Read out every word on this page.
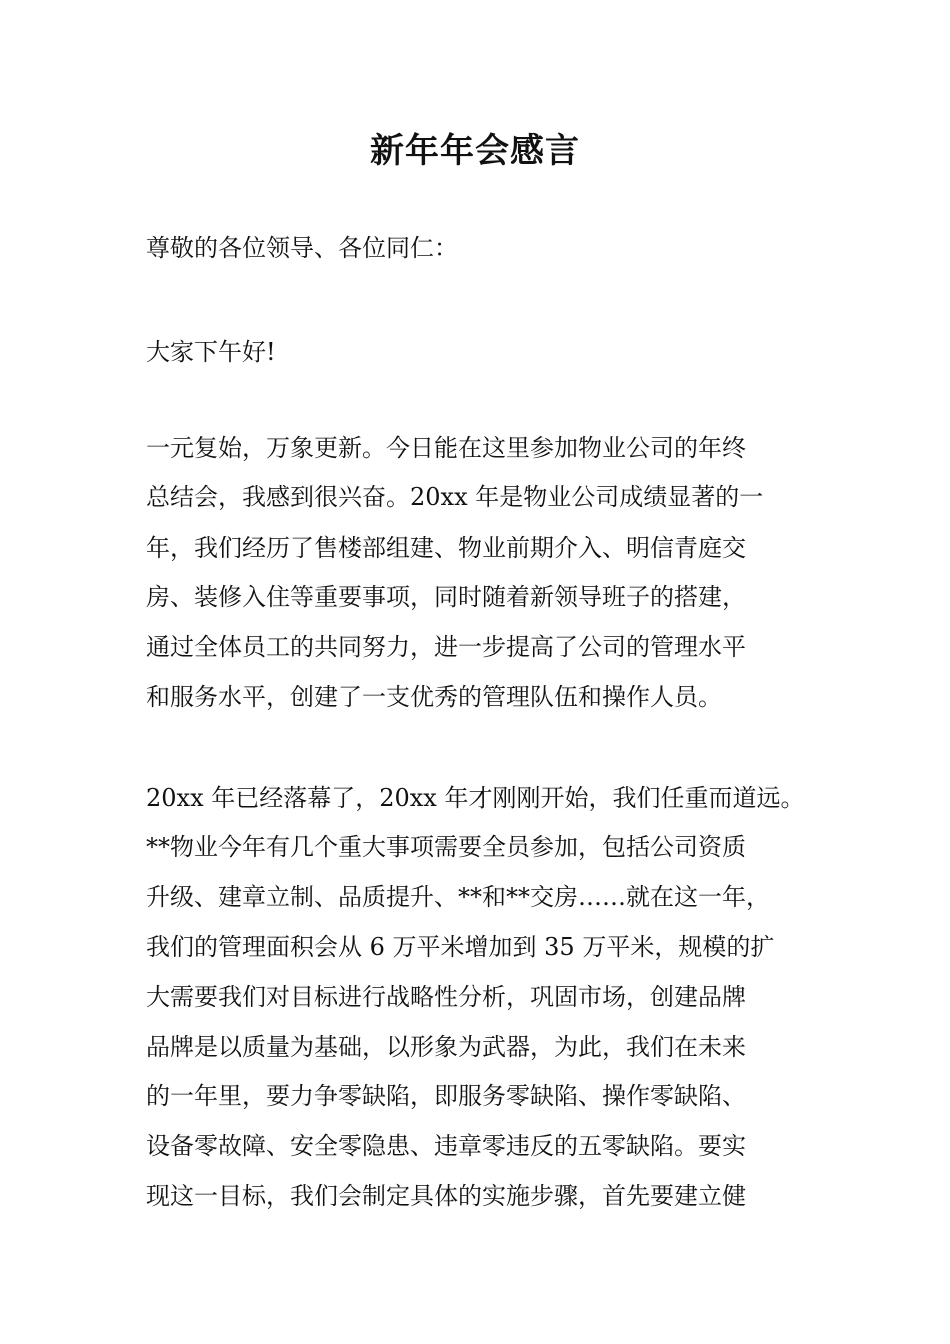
新年年会感言
尊敬的各位领导、各位同仁：
大家下午好!
一元复始，万象更新。今日能在这里参加物业公司的年终
总结会，我感到很兴奋。20xx 年是物业公司成绩显著的一
年，我们经历了售楼部组建、物业前期介入、明信青庭交
房、装修入住等重要事项，同时随着新领导班子的搭建，
通过全体员工的共同努力，进一步提高了公司的管理水平
和服务水平，创建了一支优秀的管理队伍和操作人员。
20xx 年已经落幕了，20xx 年才刚刚开始，我们任重而道远。
**物业今年有几个重大事项需要全员参加，包括公司资质
升级、建章立制、品质提升、**和**交房……就在这一年，
我们的管理面积会从 6 万平米增加到 35 万平米，规模的扩
大需要我们对目标进行战略性分析，巩固市场，创建品牌
品牌是以质量为基础，以形象为武器，为此，我们在未来
的一年里，要力争零缺陷，即服务零缺陷、操作零缺陷、
设备零故障、安全零隐患、违章零违反的五零缺陷。要实
现这一目标，我们会制定具体的实施步骤，首先要建立健
